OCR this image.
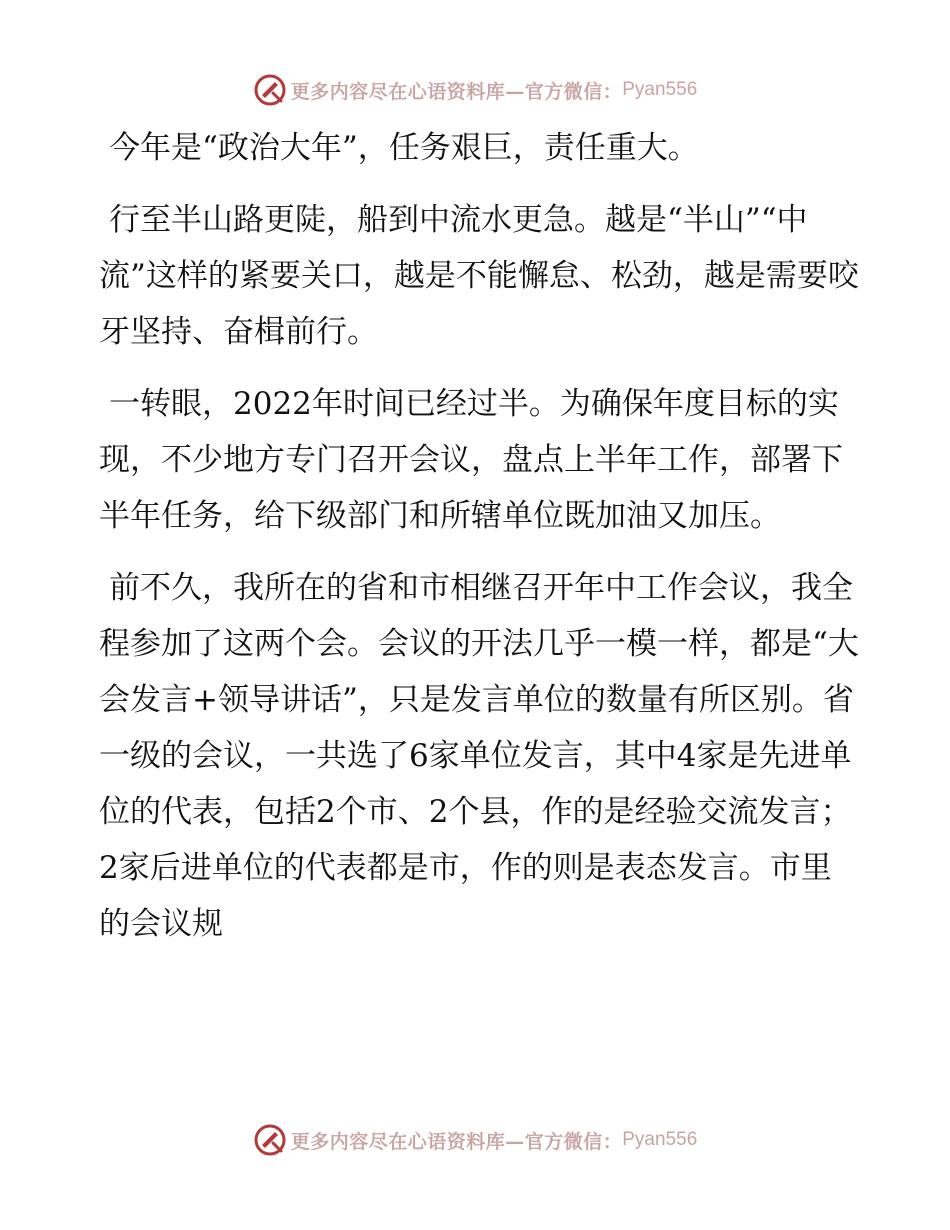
更多内容尽在心语资料库—官方微信： Pyan556

今年是“政治大年”，任务艰巨，责任重大。

行至半山路更陡，船到中流水更急。越是“半山”“中流”这样的紧要关口，越是不能懈怠、松劲，越是需要咬牙坚持、奋楫前行。

一转眼，2022年时间已经过半。为确保年度目标的实现，不少地方专门召开会议，盘点上半年工作，部署下半年任务，给下级部门和所辖单位既加油又加压。

前不久，我所在的省和市相继召开年中工作会议，我全程参加了这两个会。会议的开法几乎一模一样，都是“大会发言+领导讲话”，只是发言单位的数量有所区别。省一级的会议，一共选了6家单位发言，其中4家是先进单位的代表，包括2个市、2个县，作的是经验交流发言；2家后进单位的代表都是市，作的则是表态发言。市里的会议规

更多内容尽在心语资料库—官方微信： Pyan556
